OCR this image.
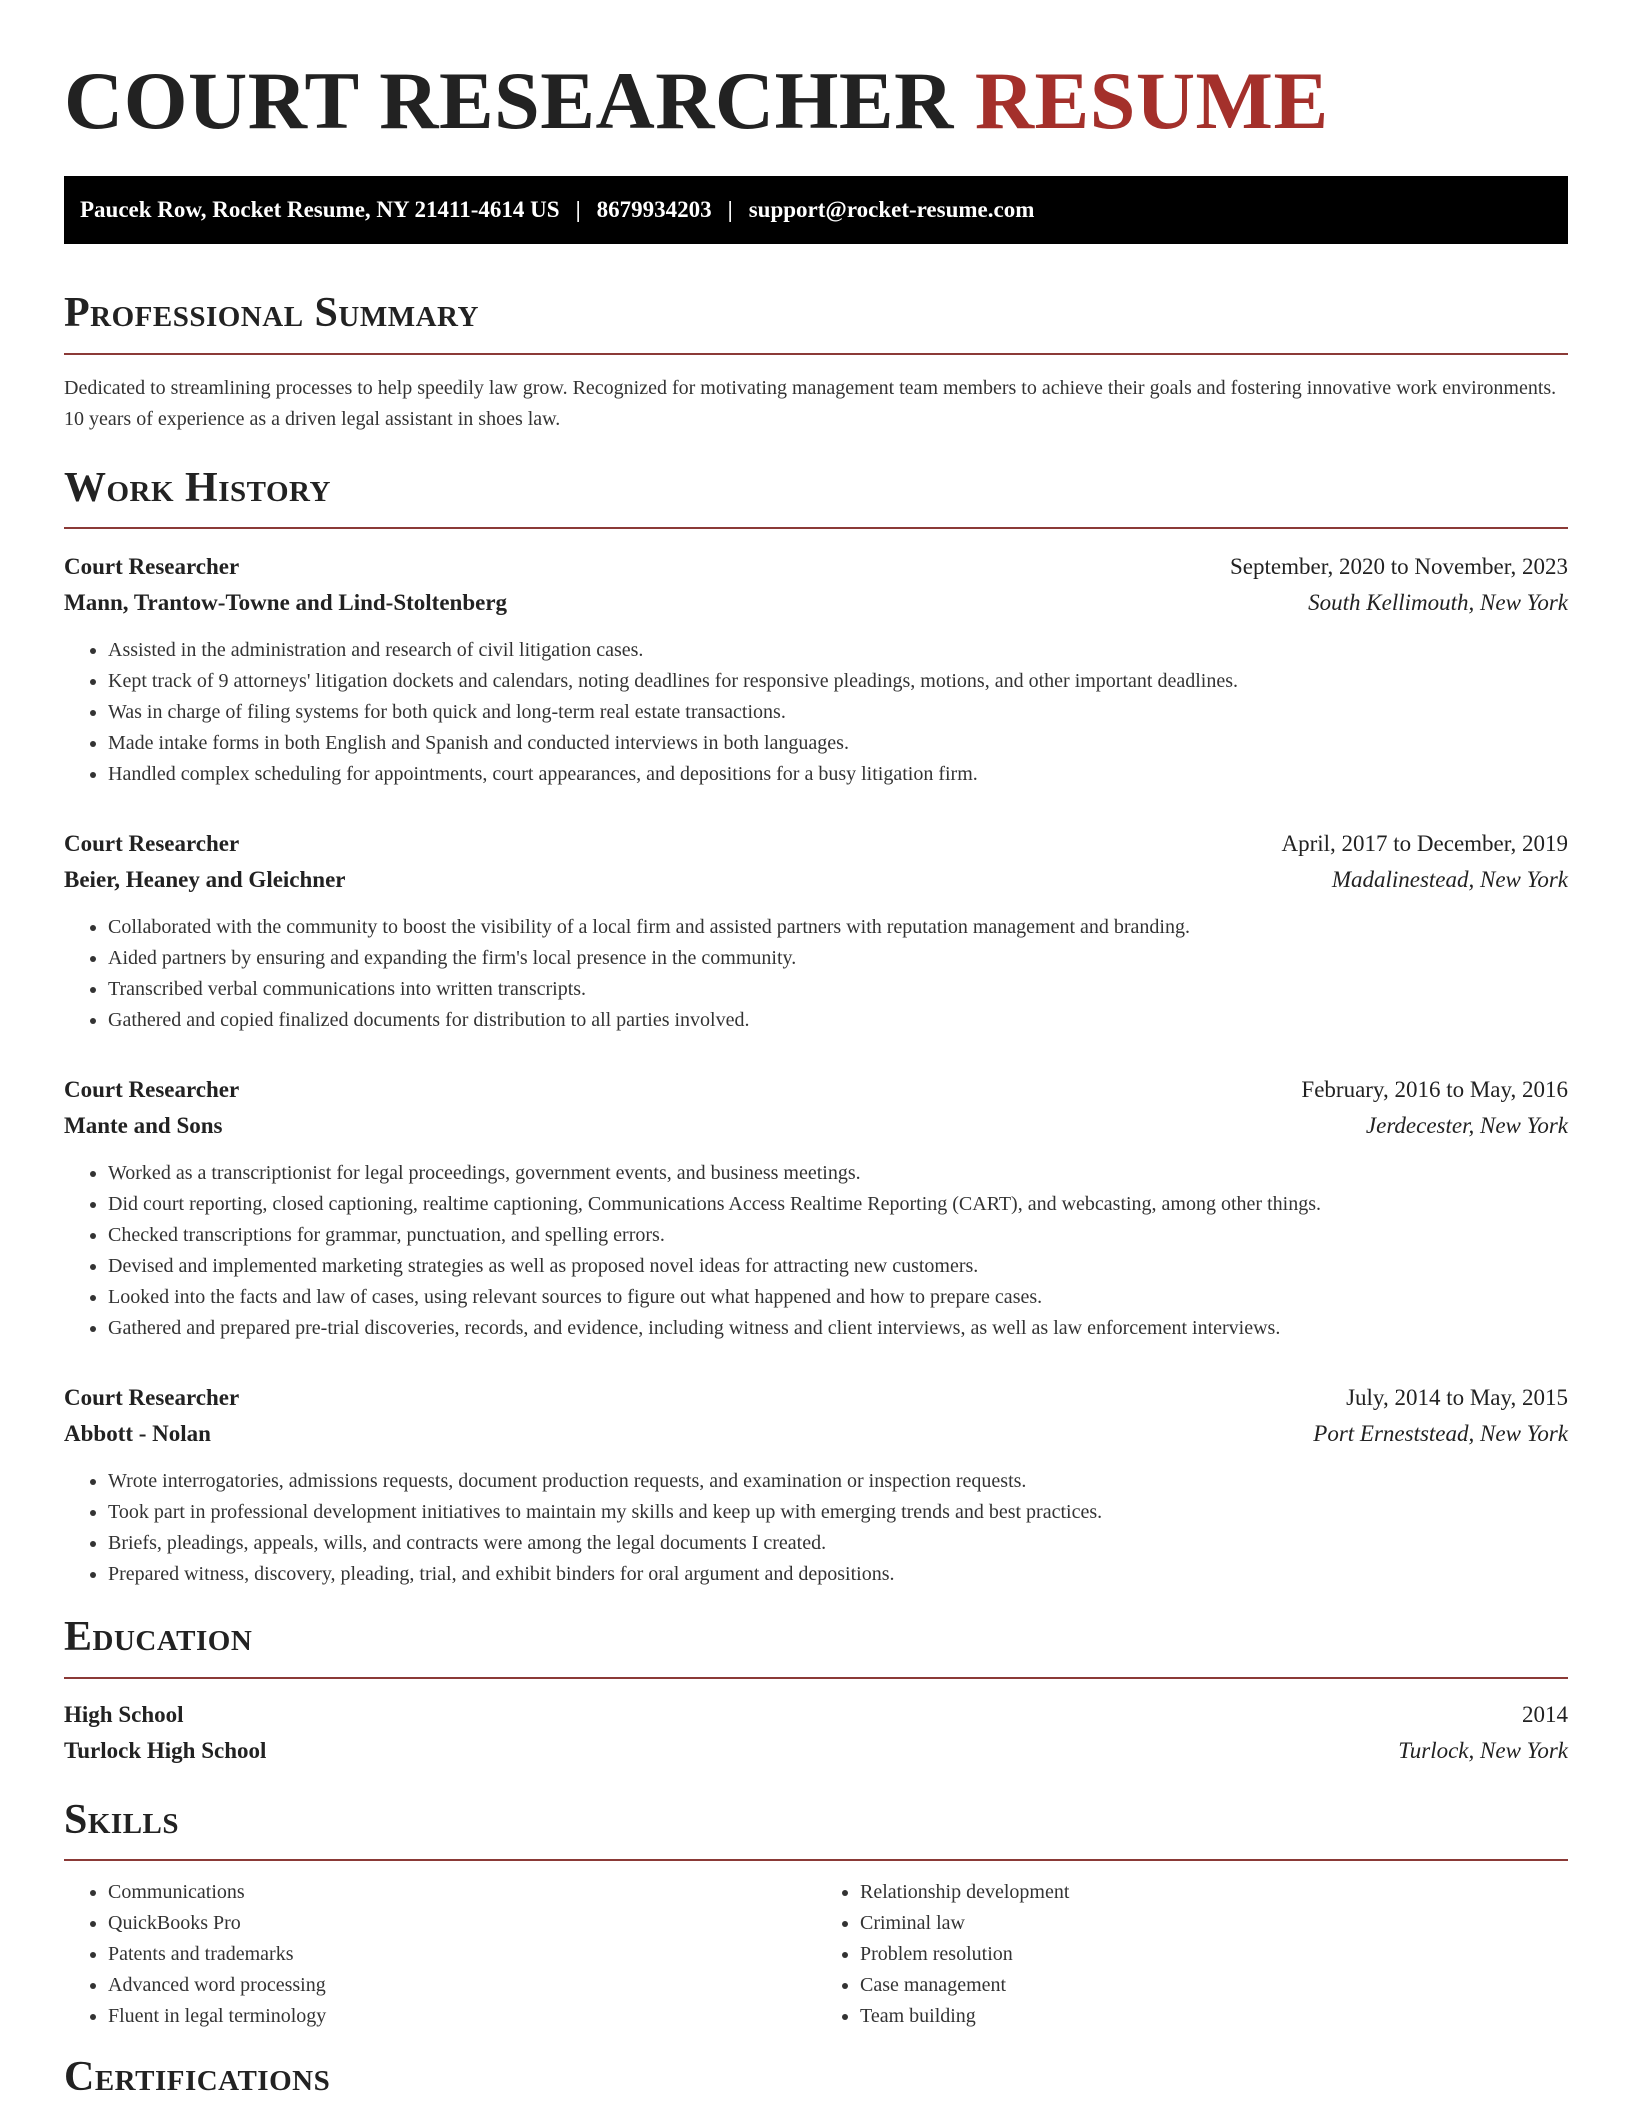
COURT RESEARCHER RESUME
Paucek Row, Rocket Resume, NY 21411-4614 US | 8679934203 | support@rocket-resume.com
Professional Summary

Dedicated to streamlining processes to help speedily law grow. Recognized for motivating management team members to achieve their goals and fostering innovative work environments. 10 years of experience as a driven legal assistant in shoes law.

Work History
Court Researcher	September, 2020 to November, 2023
Mann, Trantow-Towne and Lind-Stoltenberg	South Kellimouth, New York
• Assisted in the administration and research of civil litigation cases.
• Kept track of 9 attorneys' litigation dockets and calendars, noting deadlines for responsive pleadings, motions, and other important deadlines.
• Was in charge of filing systems for both quick and long-term real estate transactions.
• Made intake forms in both English and Spanish and conducted interviews in both languages.
• Handled complex scheduling for appointments, court appearances, and depositions for a busy litigation firm.
Court Researcher	April, 2017 to December, 2019
Beier, Heaney and Gleichner	Madalinestead, New York
• Collaborated with the community to boost the visibility of a local firm and assisted partners with reputation management and branding.
• Aided partners by ensuring and expanding the firm's local presence in the community.
• Transcribed verbal communications into written transcripts.
• Gathered and copied finalized documents for distribution to all parties involved.
Court Researcher	February, 2016 to May, 2016
Mante and Sons	Jerdecester, New York
• Worked as a transcriptionist for legal proceedings, government events, and business meetings.
• Did court reporting, closed captioning, realtime captioning, Communications Access Realtime Reporting (CART), and webcasting, among other things.
• Checked transcriptions for grammar, punctuation, and spelling errors.
• Devised and implemented marketing strategies as well as proposed novel ideas for attracting new customers.
• Looked into the facts and law of cases, using relevant sources to figure out what happened and how to prepare cases.
• Gathered and prepared pre-trial discoveries, records, and evidence, including witness and client interviews, as well as law enforcement interviews.
Court Researcher	July, 2014 to May, 2015
Abbott - Nolan	Port Erneststead, New York
• Wrote interrogatories, admissions requests, document production requests, and examination or inspection requests.
• Took part in professional development initiatives to maintain my skills and keep up with emerging trends and best practices.
• Briefs, pleadings, appeals, wills, and contracts were among the legal documents I created.
• Prepared witness, discovery, pleading, trial, and exhibit binders for oral argument and depositions.
Education
High School	2014
Turlock High School	Turlock, New York
Skills
• Communications
• QuickBooks Pro
• Patents and trademarks
• Advanced word processing
• Fluent in legal terminology
• Relationship development
• Criminal law
• Problem resolution
• Case management
• Team building
Certifications
